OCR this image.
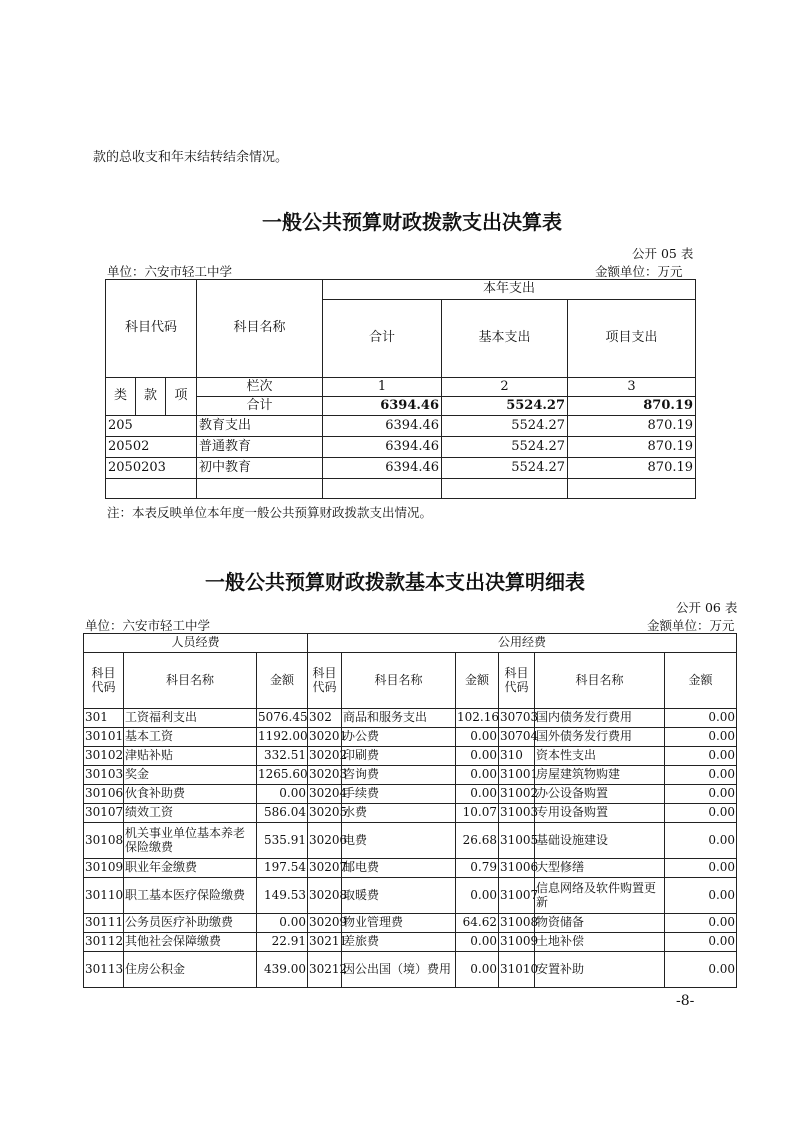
款的总收支和年末结转结余情况。
一般公共预算财政拨款支出决算表
公开 05 表
单位：六安市轻工中学	金额单位：万元
科目代码			科目名称	本年支出		
				合计	基本支出	项目支出
类	款	项	栏次	1	2	3
			合计	6394.46	5524.27	870.19
205			教育支出	6394.46	5524.27	870.19
20502			普通教育	6394.46	5524.27	870.19
2050203			初中教育	6394.46	5524.27	870.19

注：本表反映单位本年度一般公共预算财政拨款支出情况。
一般公共预算财政拨款基本支出决算明细表
公开 06 表
单位：六安市轻工中学	金额单位：万元
人员经费			公用经费					
科目
代码	科目名称	金额	科目
代码	科目名称	金额	科目
代码	科目名称	金额
301	工资福利支出	5076.45	302	商品和服务支出	102.16	30703	国内债务发行费用	0.00
30101	基本工资	1192.00	30201	办公费	0.00	30704	国外债务发行费用	0.00
30102	津贴补贴	332.51	30202	印刷费	0.00	310	资本性支出	0.00
30103	奖金	1265.60	30203	咨询费	0.00	31001	房屋建筑物购建	0.00
30106	伙食补助费	0.00	30204	手续费	0.00	31002	办公设备购置	0.00
30107	绩效工资	586.04	30205	水费	10.07	31003	专用设备购置	0.00
30108	机关事业单位基本养老保险缴费	535.91	30206	电费	26.68	31005	基础设施建设	0.00
30109	职业年金缴费	197.54	30207	邮电费	0.79	31006	大型修缮	0.00
30110	职工基本医疗保险缴费	149.53	30208	取暖费	0.00	31007	信息网络及软件购置更新	0.00
30111	公务员医疗补助缴费	0.00	30209	物业管理费	64.62	31008	物资储备	0.00
30112	其他社会保障缴费	22.91	30211	差旅费	0.00	31009	土地补偿	0.00
30113	住房公积金	439.00	30212	因公出国（境）费用	0.00	31010	安置补助	0.00
-8-
